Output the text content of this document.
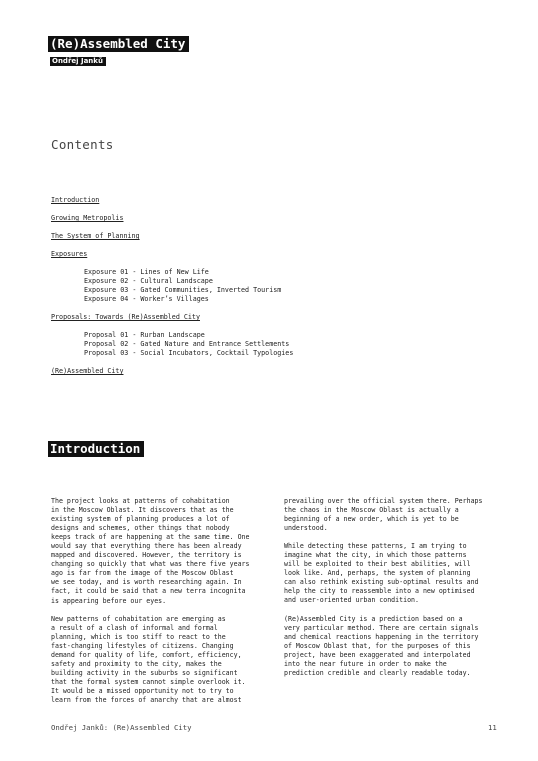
(Re)Assembled City
Ondřej Janků
Contents
Introduction
Growing Metropolis
The System of Planning
Exposures
Exposure 01 - Lines of New Life
Exposure 02 - Cultural Landscape
Exposure 03 - Gated Communities, Inverted Tourism
Exposure 04 - Worker’s Villages
Proposals: Towards (Re)Assembled City
Proposal 01 - Rurban Landscape
Proposal 02 - Gated Nature and Entrance Settlements
Proposal 03 - Social Incubators, Cocktail Typologies
(Re)Assembled City
Introduction

The project looks at patterns of cohabitation
in the Moscow Oblast. It discovers that as the
existing system of planning produces a lot of
designs and schemes, other things that nobody
keeps track of are happening at the same time. One
would say that everything there has been already
mapped and discovered. However, the territory is
changing so quickly that what was there five years
ago is far from the image of the Moscow Oblast
we see today, and is worth researching again. In
fact, it could be said that a new terra incognita
is appearing before our eyes.

New patterns of cohabitation are emerging as
a result of a clash of informal and formal
planning, which is too stiff to react to the
fast-changing lifestyles of citizens. Changing
demand for quality of life, comfort, efficiency,
safety and proximity to the city, makes the
building activity in the suburbs so significant
that the formal system cannot simple overlook it.
It would be a missed opportunity not to try to
learn from the forces of anarchy that are almost

prevailing over the official system there. Perhaps
the chaos in the Moscow Oblast is actually a
beginning of a new order, which is yet to be
understood.

While detecting these patterns, I am trying to
imagine what the city, in which those patterns
will be exploited to their best abilities, will
look like. And, perhaps, the system of planning
can also rethink existing sub-optimal results and
help the city to reassemble into a new optimised
and user-oriented urban condition.

(Re)Assembled City is a prediction based on a
very particular method. There are certain signals
and chemical reactions happening in the territory
of Moscow Oblast that, for the purposes of this
project, have been exaggerated and interpolated
into the near future in order to make the
prediction credible and clearly readable today.

Ondřej Janků: (Re)Assembled City	11
